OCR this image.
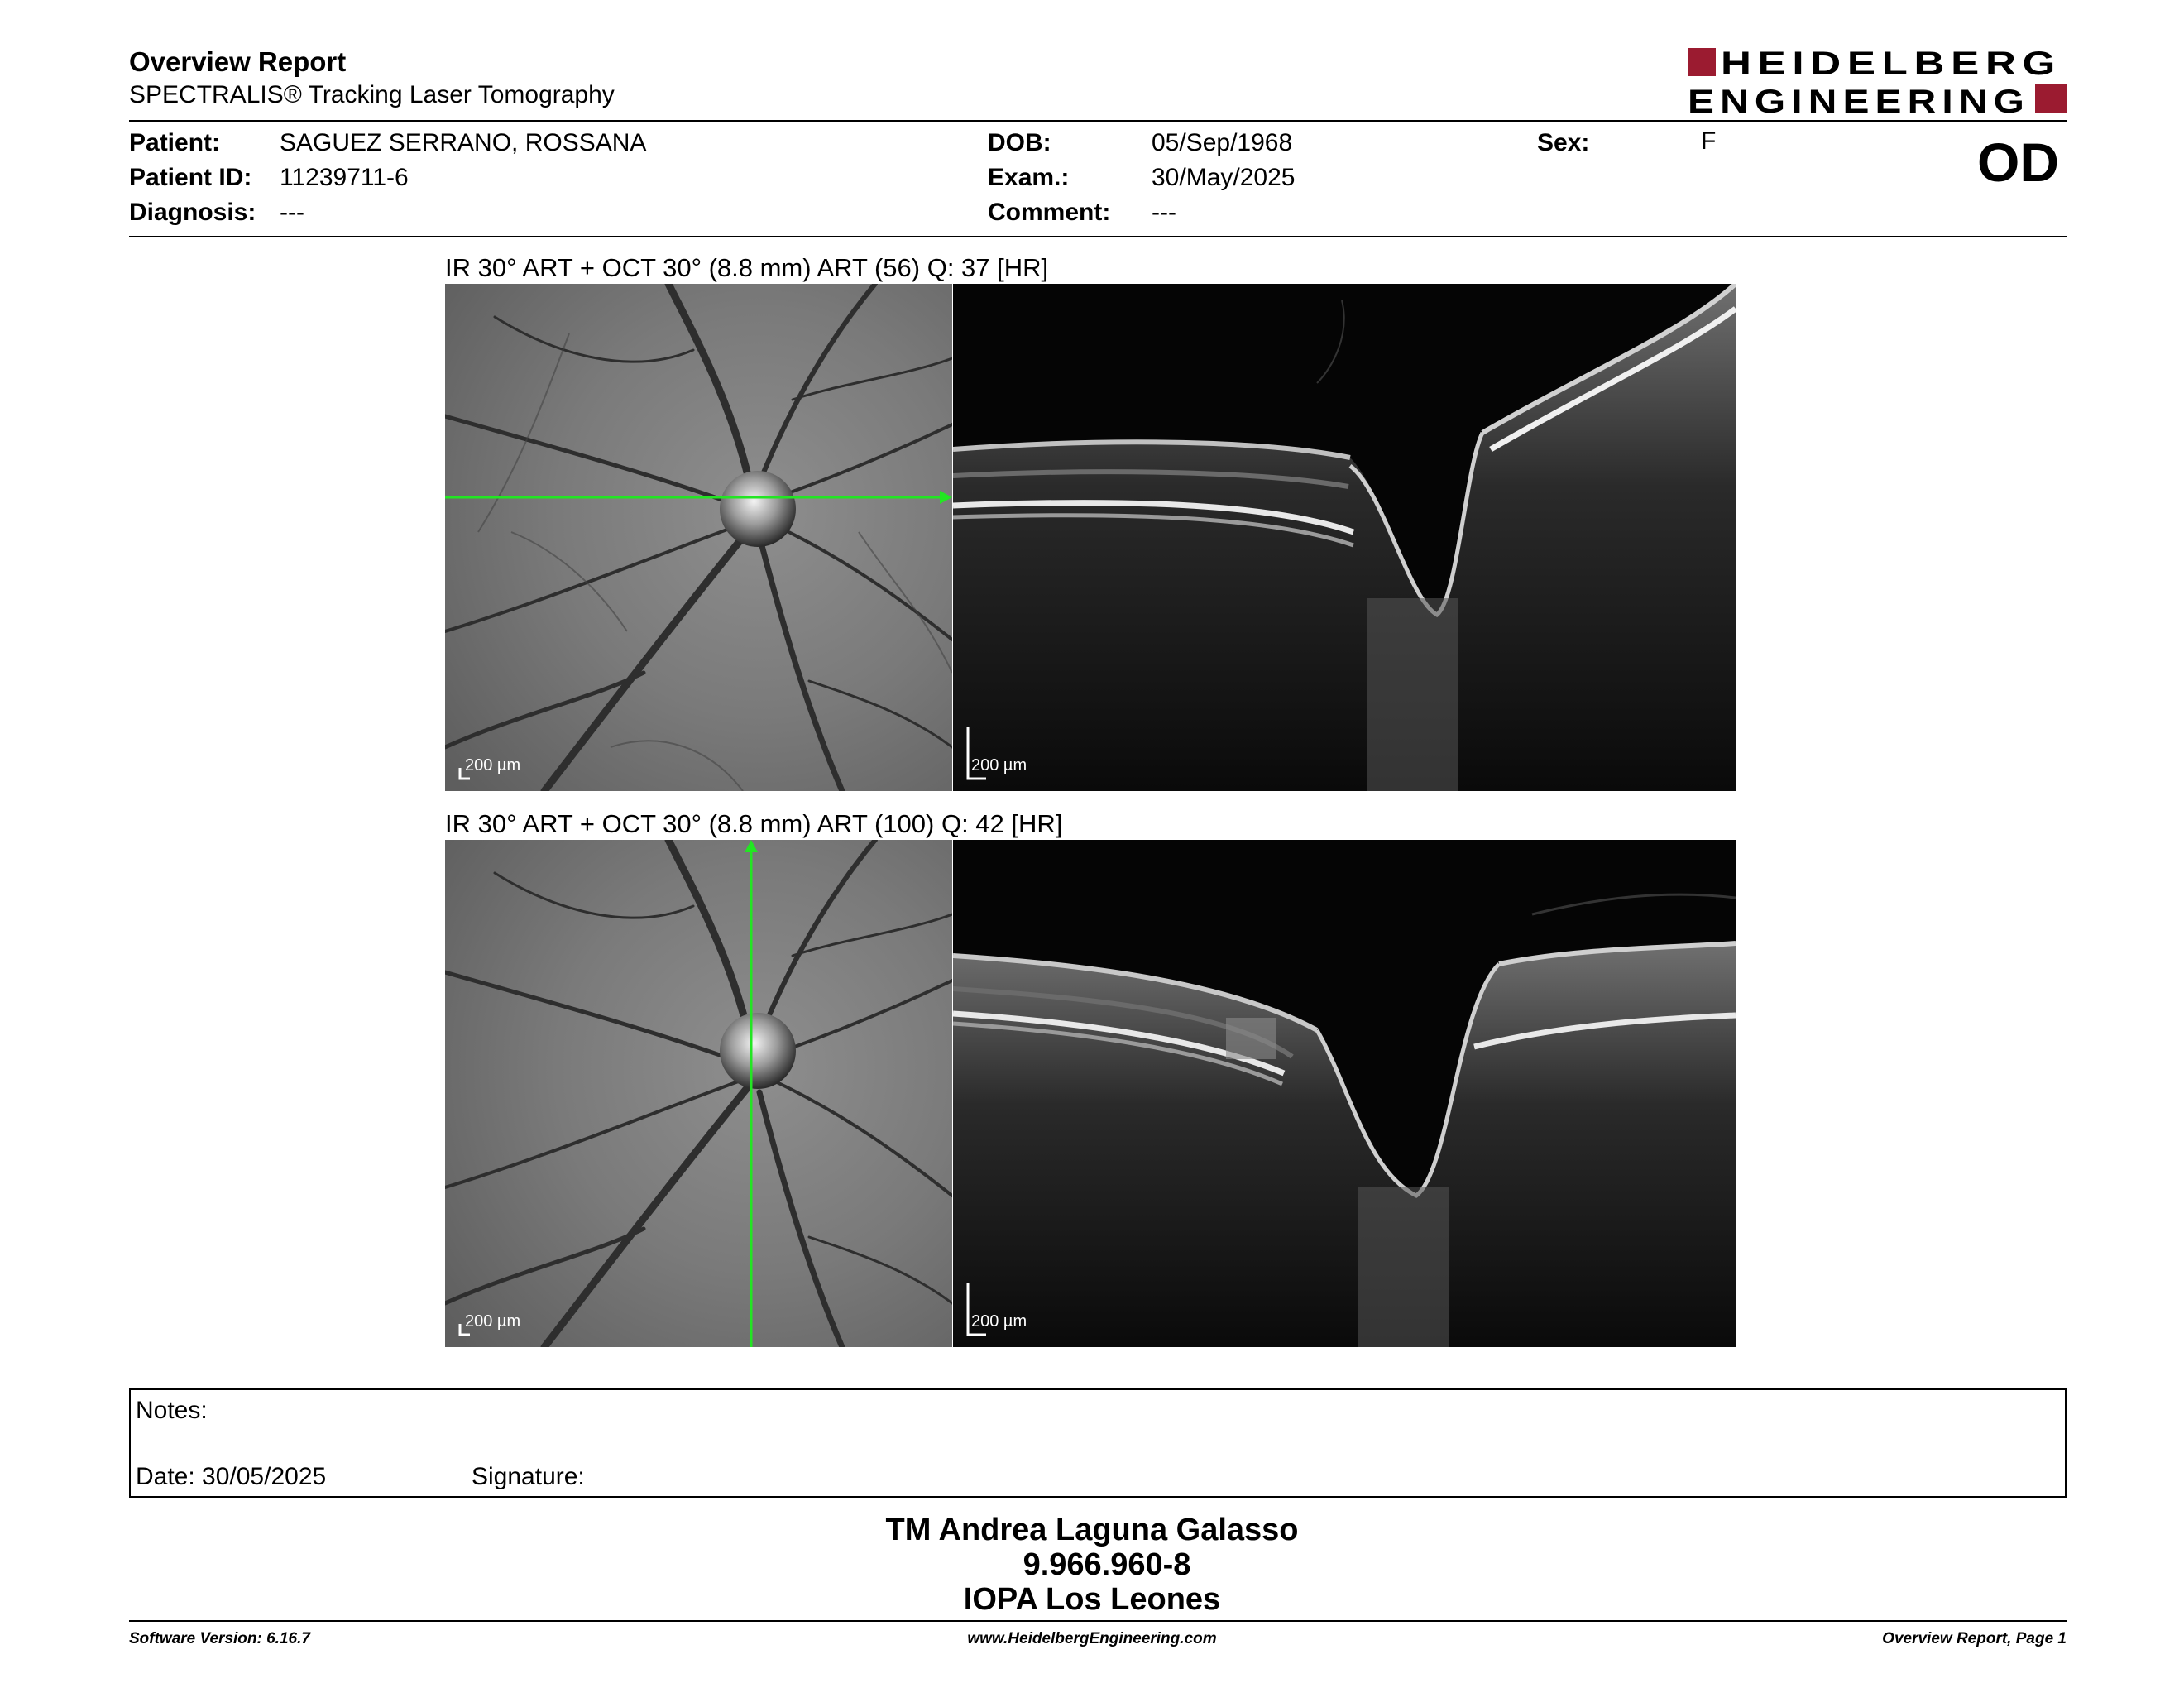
Overview Report
SPECTRALIS® Tracking Laser Tomography
HEIDELBERG
ENGINEERING
Patient: SAGUEZ SERRANO, ROSSANA
Patient ID: 11239711-6
Diagnosis: ---
DOB:	05/Sep/1968
Exam.:	30/May/2025
Comment: ---
Sex:	F	OD
IR 30° ART + OCT 30° (8.8 mm) ART (56) Q: 37 [HR]
200 µm	200 µm
IR 30° ART + OCT 30° (8.8 mm) ART (100) Q: 42 [HR]
200 µm	200 µm
Notes:
Date: 30/05/2025	Signature:
TM Andrea Laguna Galasso
9.966.960-8
IOPA Los Leones
Software Version: 6.16.7	www.HeidelbergEngineering.com	Overview Report, Page 1
